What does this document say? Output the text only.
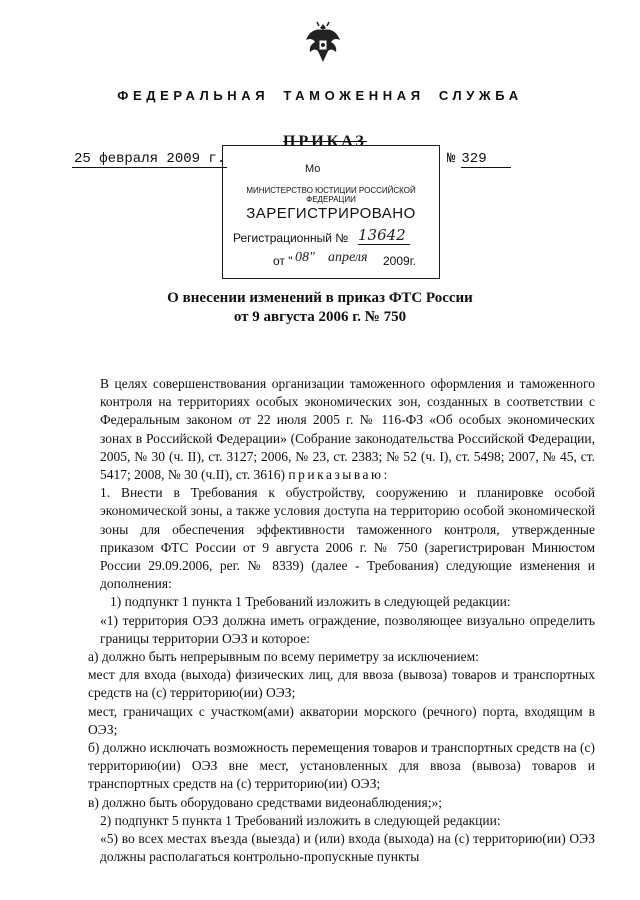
ФЕДЕРАЛЬНАЯ ТАМОЖЕННАЯ СЛУЖБА
Мо
МИНИСТЕРСТВО ЮСТИЦИИ РОССИЙСКОЙ ФЕДЕРАЦИИ
ЗАРЕГИСТРИРОВАНО
Регистрационный № 13642
от " 08" апреля 2009г.
ПРИКАЗ
25 февраля 2009 г.	№ 329
О внесении изменений в приказ ФТС России
от 9 августа 2006 г. № 750

В целях совершенствования организации таможенного оформления и таможенного контроля на территориях особых экономических зон, созданных в соответствии с Федеральным законом от 22 июля 2005 г. № 116-ФЗ «Об особых экономических зонах в Российской Федерации» (Собрание законодательства Российской Федерации, 2005, № 30 (ч. II), ст. 3127; 2006, № 23, ст. 2383; № 52 (ч. I), ст. 5498; 2007, № 45, ст. 5417; 2008, № 30 (ч.II), ст. 3616) приказываю:

1. Внести в Требования к обустройству, сооружению и планировке особой экономической зоны, а также условия доступа на территорию особой экономической зоны для обеспечения эффективности таможенного контроля, утвержденные приказом ФТС России от 9 августа 2006 г. № 750 (зарегистрирован Минюстом России 29.09.2006, рег. № 8339) (далее - Требования) следующие изменения и дополнения:

1) подпункт 1 пункта 1 Требований изложить в следующей редакции:

«1) территория ОЭЗ должна иметь ограждение, позволяющее визуально определить границы территории ОЭЗ и которое:

а) должно быть непрерывным по всему периметру за исключением:

мест для входа (выхода) физических лиц, для ввоза (вывоза) товаров и транспортных средств на (с) территорию(ии) ОЭЗ;

мест, граничащих с участком(ами) акватории морского (речного) порта, входящим в ОЭЗ;

б) должно исключать возможность перемещения товаров и транспортных средств на (с) территорию(ии) ОЭЗ вне мест, установленных для ввоза (вывоза) товаров и транспортных средств на (с) территорию(ии) ОЭЗ;

в) должно быть оборудовано средствами видеонаблюдения;»;

2) подпункт 5 пункта 1 Требований изложить в следующей редакции:

«5) во всех местах въезда (выезда) и (или) входа (выхода) на (с) территорию(ии) ОЭЗ должны располагаться контрольно-пропускные пункты
